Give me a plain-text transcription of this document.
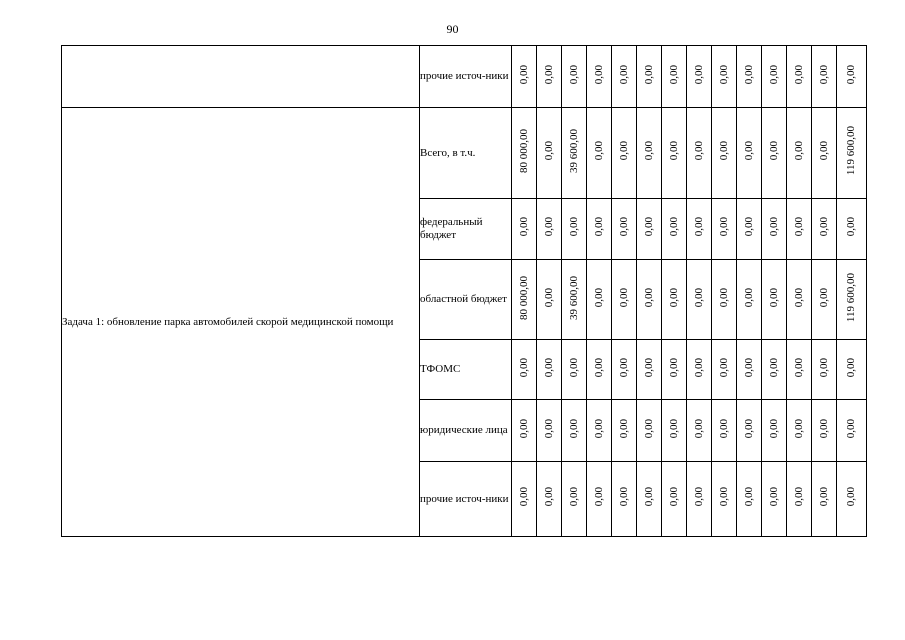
90
	прочие источ-ники	0,00	0,00	0,00	0,00	0,00	0,00	0,00	0,00	0,00	0,00	0,00	0,00	0,00	0,00
Задача 1: обновление парка автомобилей скорой медицинской помощи	Всего, в т.ч.	80 000,00	0,00	39 600,00	0,00	0,00	0,00	0,00	0,00	0,00	0,00	0,00	0,00	0,00	119 600,00
	федеральный бюджет	0,00	0,00	0,00	0,00	0,00	0,00	0,00	0,00	0,00	0,00	0,00	0,00	0,00	0,00
	областной бюджет	80 000,00	0,00	39 600,00	0,00	0,00	0,00	0,00	0,00	0,00	0,00	0,00	0,00	0,00	119 600,00
	ТФОМС	0,00	0,00	0,00	0,00	0,00	0,00	0,00	0,00	0,00	0,00	0,00	0,00	0,00	0,00
	юридические лица	0,00	0,00	0,00	0,00	0,00	0,00	0,00	0,00	0,00	0,00	0,00	0,00	0,00	0,00
	прочие источ-ники	0,00	0,00	0,00	0,00	0,00	0,00	0,00	0,00	0,00	0,00	0,00	0,00	0,00	0,00
